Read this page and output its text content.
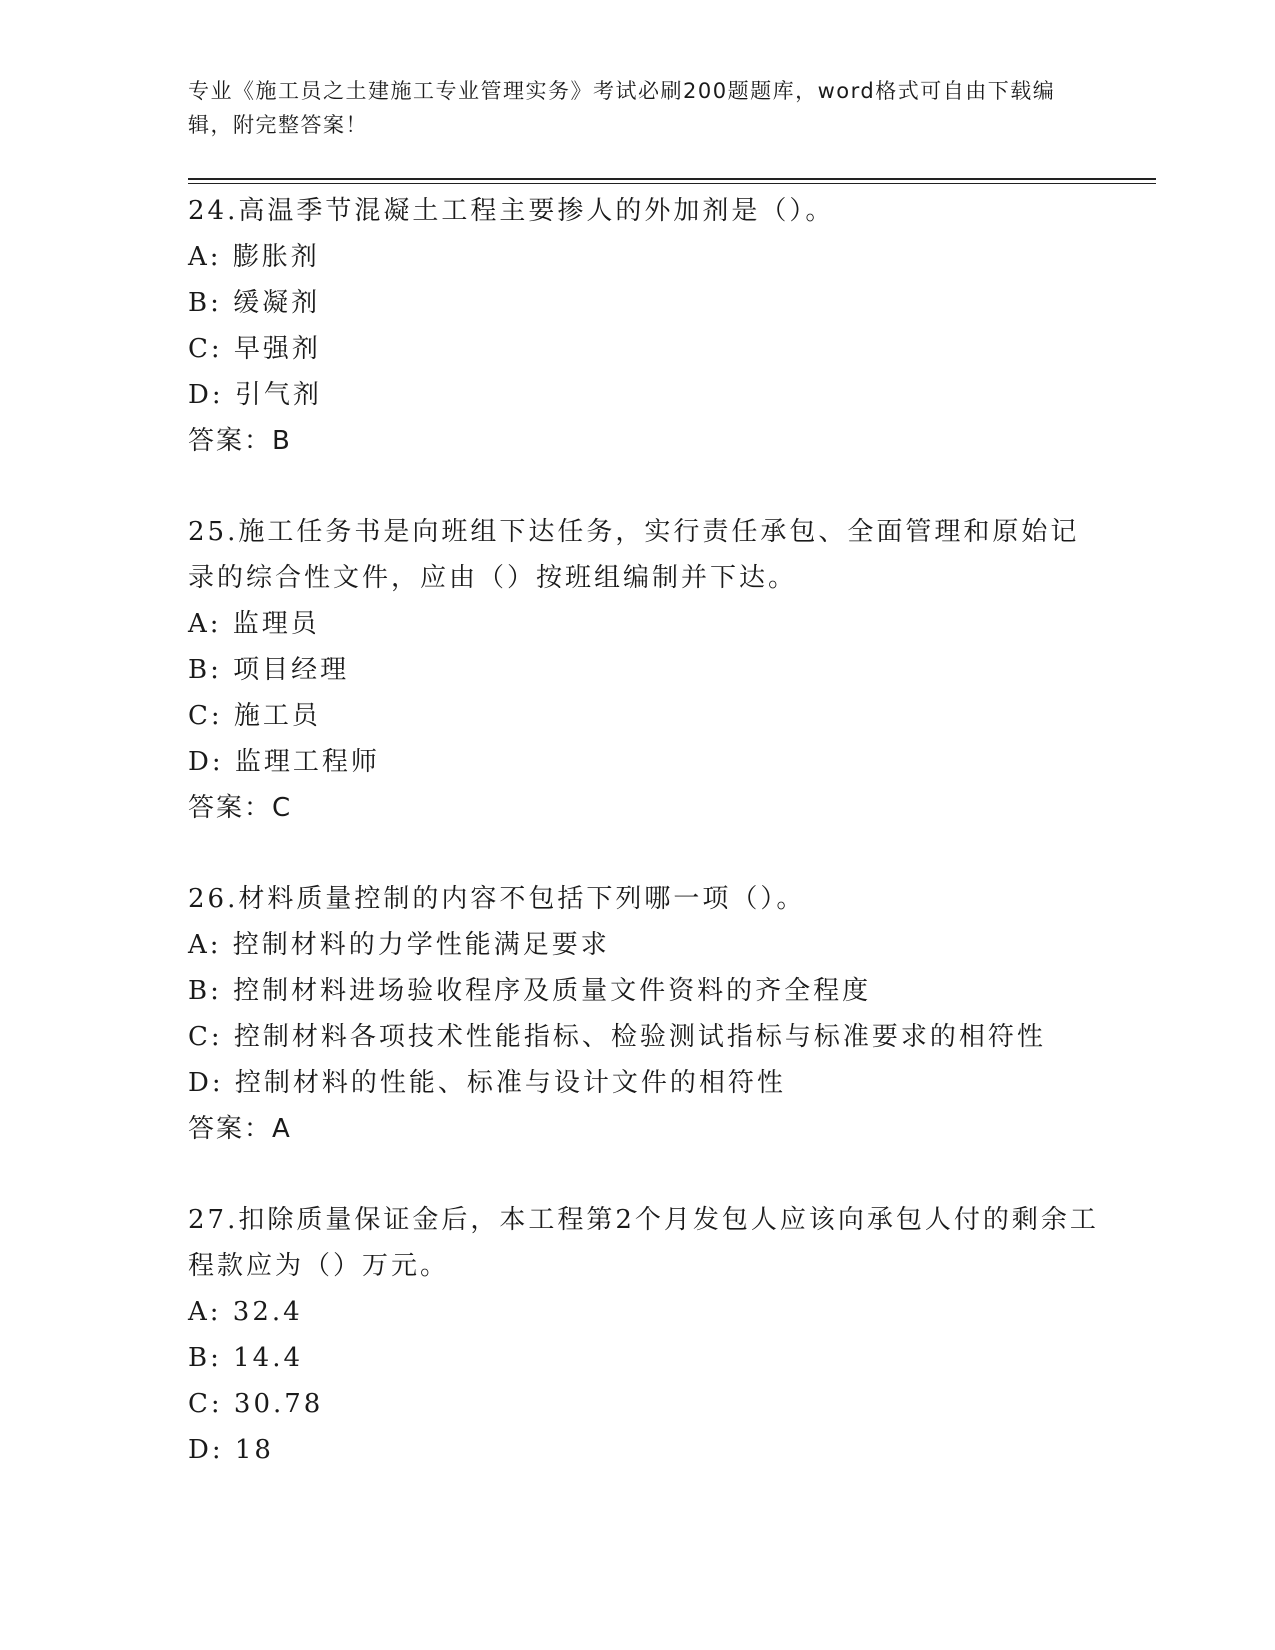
专业《施工员之土建施工专业管理实务》考试必刷200题题库，word格式可自由下载编辑，附完整答案！

24.高温季节混凝土工程主要掺人的外加剂是（）。

A: 膨胀剂

B: 缓凝剂

C: 早强剂

D: 引气剂

答案：B

25.施工任务书是向班组下达任务，实行责任承包、全面管理和原始记录的综合性文件，应由（）按班组编制并下达。

A: 监理员

B: 项目经理

C: 施工员

D: 监理工程师

答案：C

26.材料质量控制的内容不包括下列哪一项（）。

A: 控制材料的力学性能满足要求

B: 控制材料进场验收程序及质量文件资料的齐全程度

C: 控制材料各项技术性能指标、检验测试指标与标准要求的相符性

D: 控制材料的性能、标准与设计文件的相符性

答案：A

27.扣除质量保证金后，本工程第2个月发包人应该向承包人付的剩余工程款应为（）万元。

A: 32.4

B: 14.4

C: 30.78

D: 18
